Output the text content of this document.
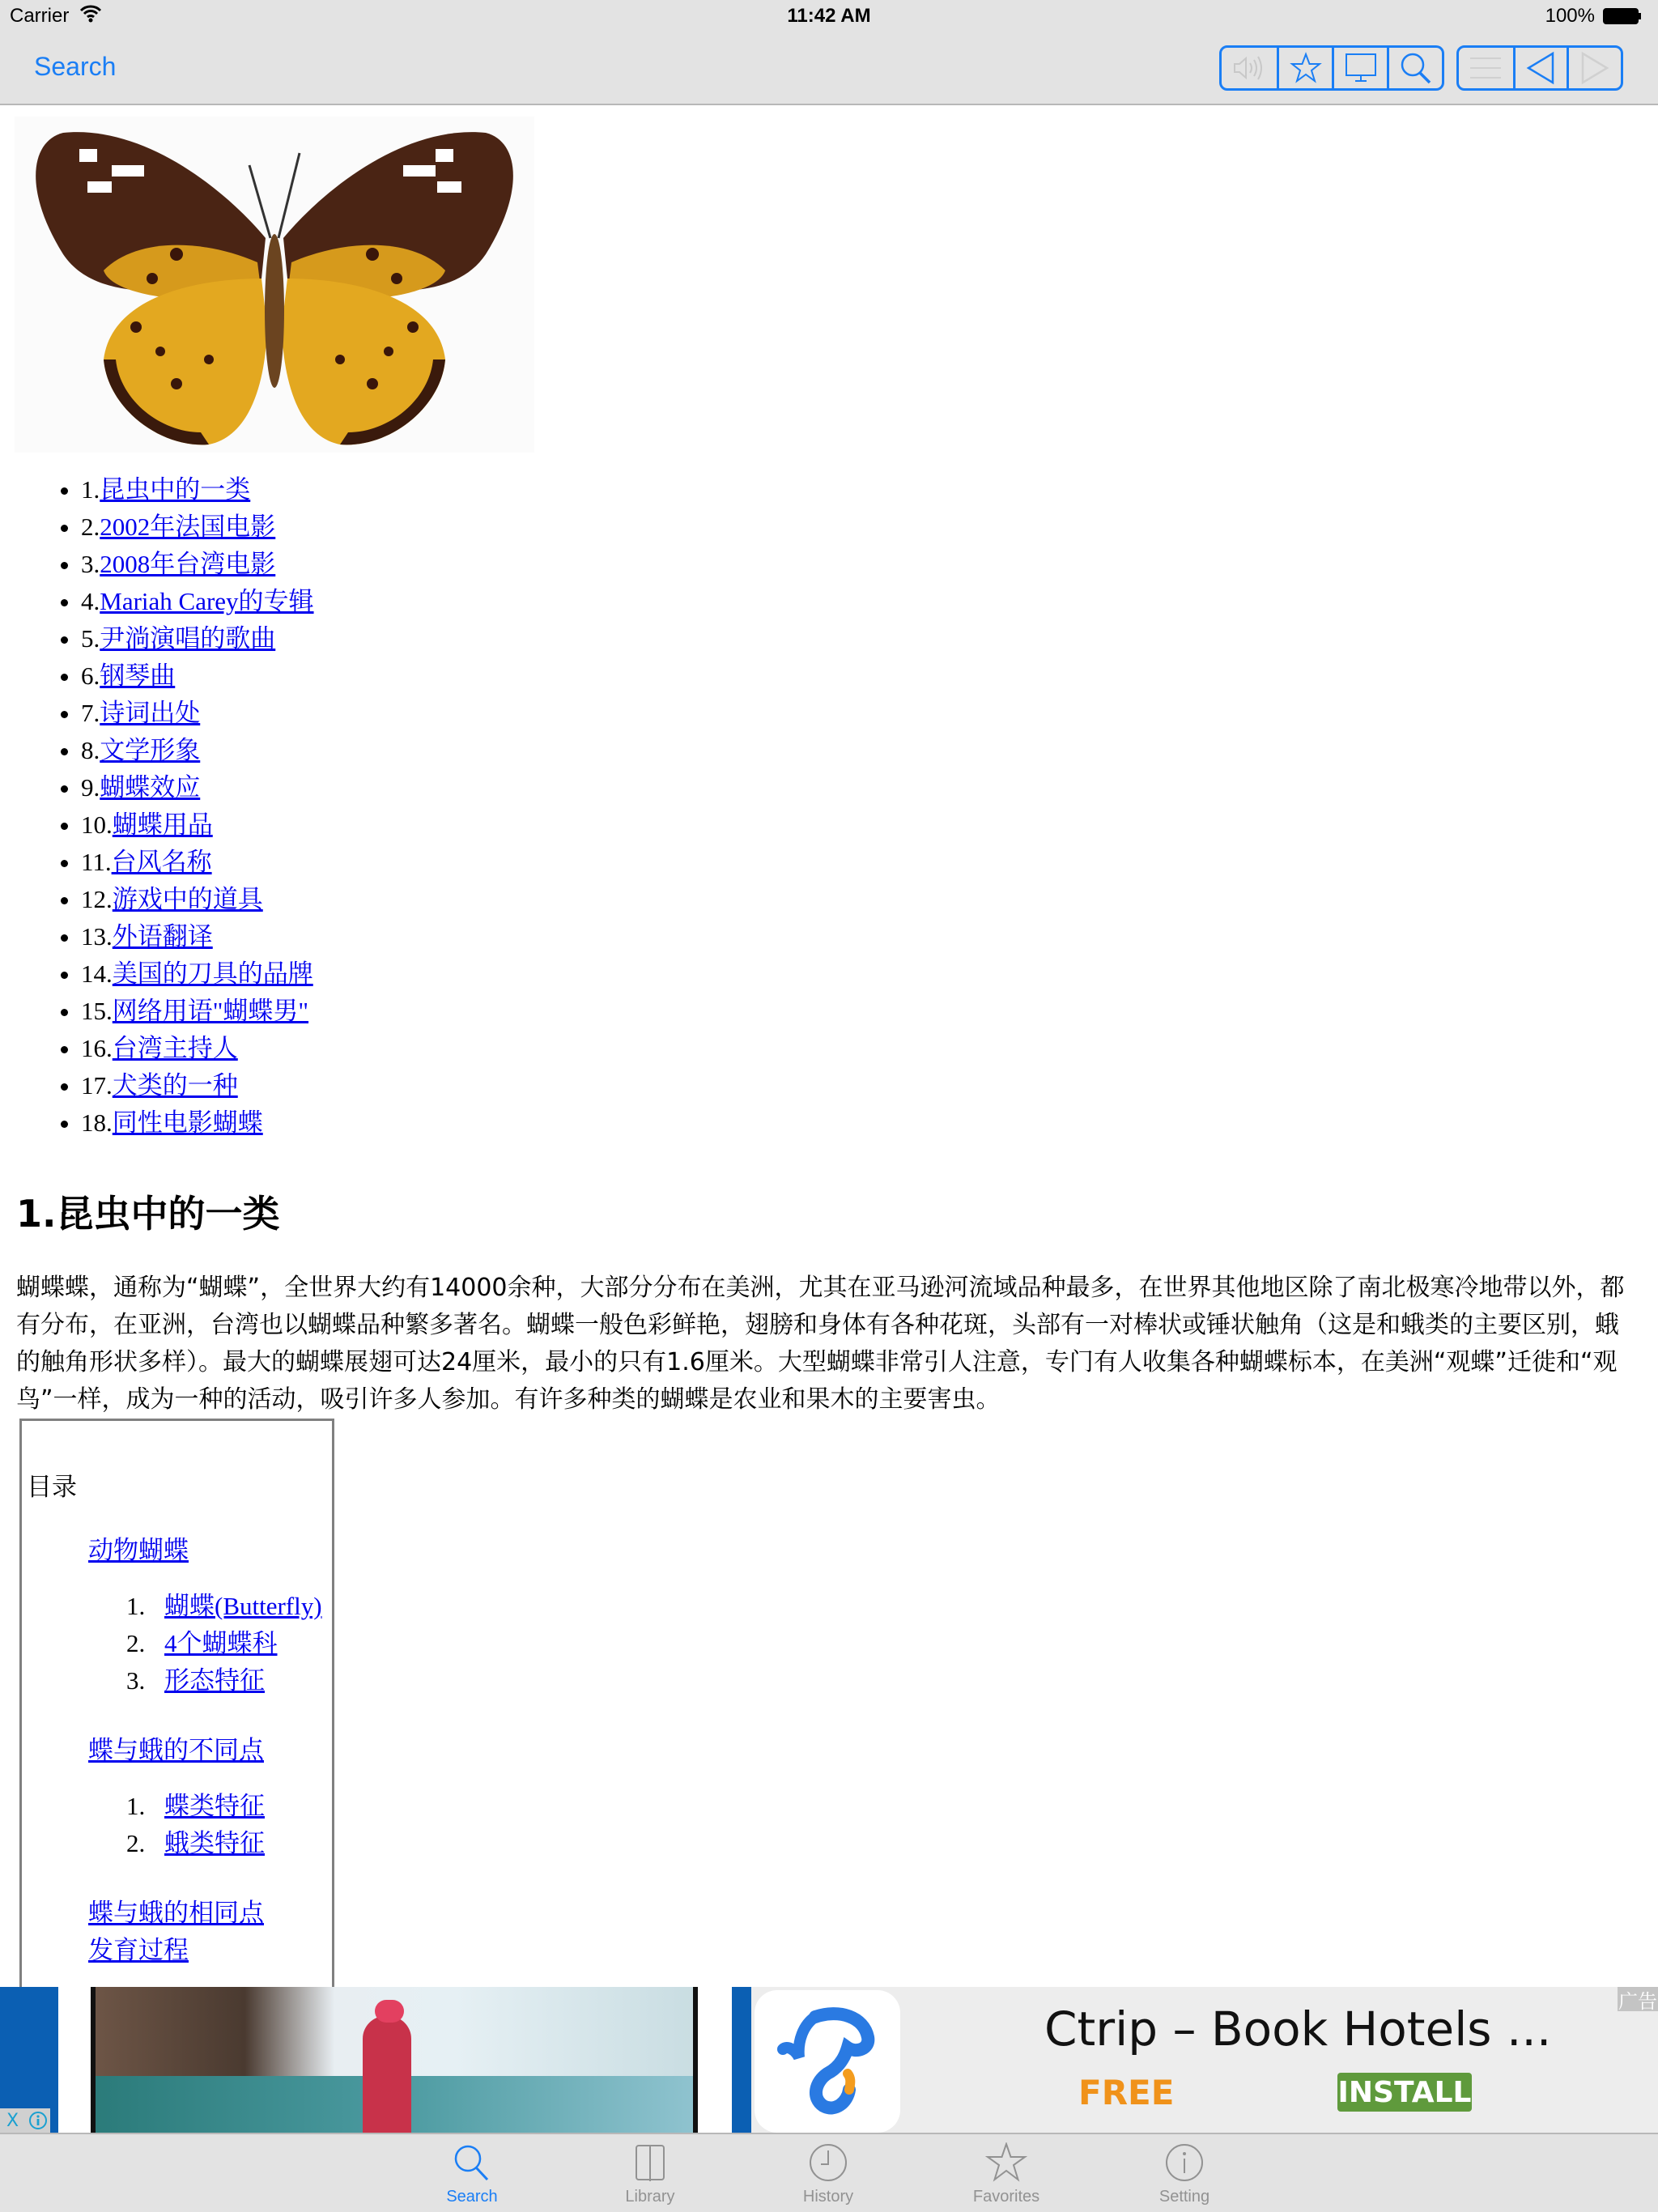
Carrier	11:42 AM	100%
Search
• 1.昆虫中的一类
• 2.2002年法国电影
• 3.2008年台湾电影
• 4.Mariah Carey的专辑
• 5.尹淌演唱的歌曲
• 6.钢琴曲
• 7.诗词出处
• 8.文学形象
• 9.蝴蝶效应
• 10.蝴蝶用品
• 11.台风名称
• 12.游戏中的道具
• 13.外语翻译
• 14.美国的刀具的品牌
• 15.网络用语"蝴蝶男"
• 16.台湾主持人
• 17.犬类的一种
• 18.同性电影蝴蝶
1.昆虫中的一类

蝴蝶蝶，通称为“蝴蝶”，全世界大约有14000余种，大部分分布在美洲，尤其在亚马逊河流域品种最多，在世界其他地区除了南北极寒冷地带以外，都有分布，在亚洲，台湾也以蝴蝶品种繁多著名。蝴蝶一般色彩鲜艳，翅膀和身体有各种花斑，头部有一对棒状或锤状触角（这是和蛾类的主要区别，蛾的触角形状多样）。最大的蝴蝶展翅可达24厘米，最小的只有1.6厘米。大型蝴蝶非常引人注意，专门有人收集各种蝴蝶标本，在美洲“观蝶”迁徙和“观鸟”一样，成为一种的活动，吸引许多人参加。有许多种类的蝴蝶是农业和果木的主要害虫。

目录
动物蝴蝶
1. 蝴蝶(Butterfly)
2. 4个蝴蝶科
3. 形态特征
蝶与蛾的不同点
1. 蝶类特征
2. 蛾类特征
蝶与蛾的相同点
发育过程
X
Ctrip – Book Hotels ...
FREE	INSTALL
广告
Search	Library	History	Favorites	Setting
